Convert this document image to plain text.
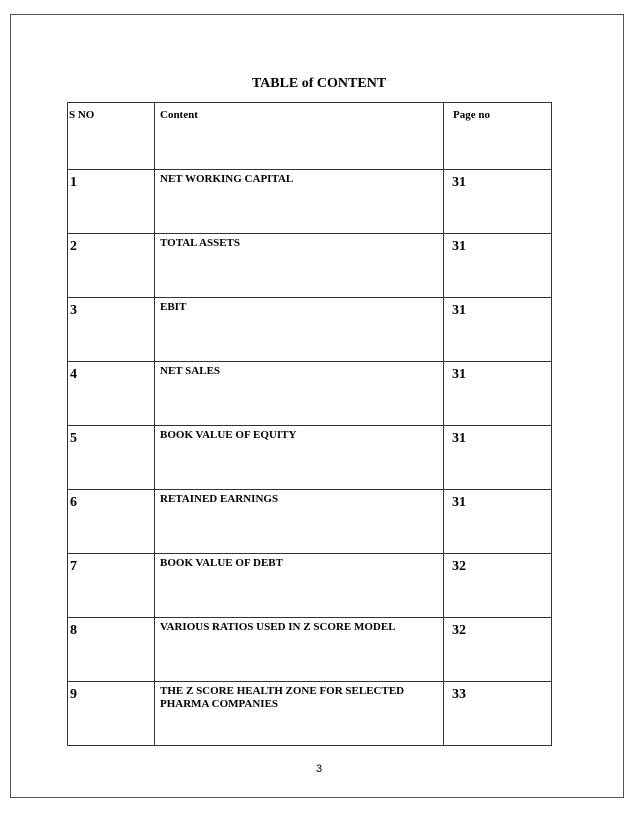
TABLE of CONTENT
S NO	Content	Page no
1	NET WORKING CAPITAL	31
2	TOTAL ASSETS	31
3	EBIT	31
4	NET SALES	31
5	BOOK VALUE OF EQUITY	31
6	RETAINED EARNINGS	31
7	BOOK VALUE OF DEBT	32
8	VARIOUS RATIOS USED IN Z SCORE MODEL	32
9	THE Z SCORE HEALTH ZONE FOR SELECTED PHARMA COMPANIES	33
3
